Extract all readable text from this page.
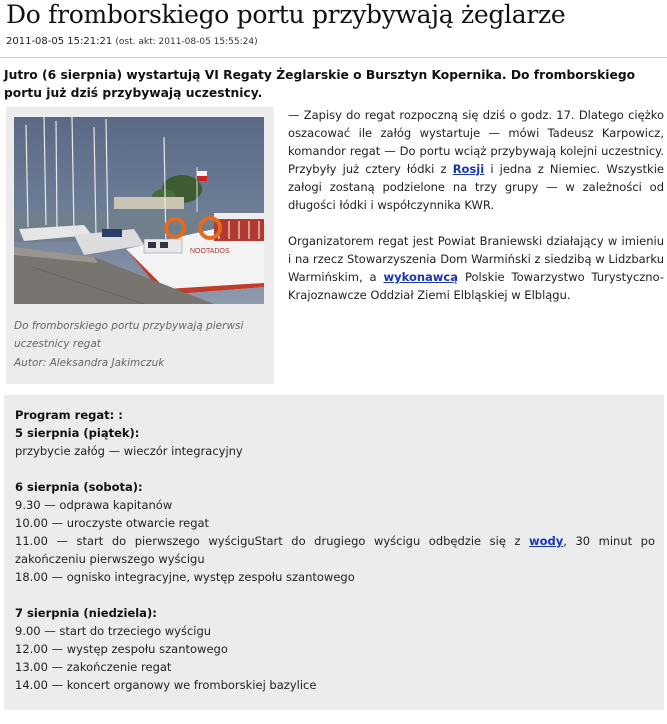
Do fromborskiego portu przybywają żeglarze
2011-08-05 15:21:21 (ost. akt: 2011-08-05 15:55:24)

Jutro (6 sierpnia) wystartują VI Regaty Żeglarskie o Bursztyn Kopernika. Do fromborskiego portu już dziś przybywają uczestnicy.

NOOTADOS

Do fromborskiego portu przybywają pierwsi uczestnicy regat

Autor: Aleksandra Jakimczuk

— Zapisy do regat rozpoczną się dziś o godz. 17. Dlatego ciężko oszacować ile załóg wystartuje — mówi Tadeusz Karpowicz, komandor regat — Do portu wciąż przybywają kolejni uczestnicy. Przybyły już cztery łódki z Rosji i jedna z Niemiec. Wszystkie załogi zostaną podzielone na trzy grupy — w zależności od długości łódki i współczynnika KWR.

Organizatorem regat jest Powiat Braniewski działający w imieniu i na rzecz Stowarzyszenia Dom Warmiński z siedzibą w Lidzbarku Warmińskim, a wykonawcą Polskie Towarzystwo Turystyczno-Krajoznawcze Oddział Ziemi Elbląskiej w Elblągu.

Program regat: :
5 sierpnia (piątek):
przybycie załóg — wieczór integracyjny
6 sierpnia (sobota):
9.30 — odprawa kapitanów
10.00 — uroczyste otwarcie regat
11.00 — start do pierwszego wyściguStart do drugiego wyścigu odbędzie się z wody, 30 minut po zakończeniu pierwszego wyścigu
18.00 — ognisko integracyjne, występ zespołu szantowego
7 sierpnia (niedziela):
9.00 — start do trzeciego wyścigu
12.00 — występ zespołu szantowego
13.00 — zakończenie regat
14.00 — koncert organowy we fromborskiej bazylice
